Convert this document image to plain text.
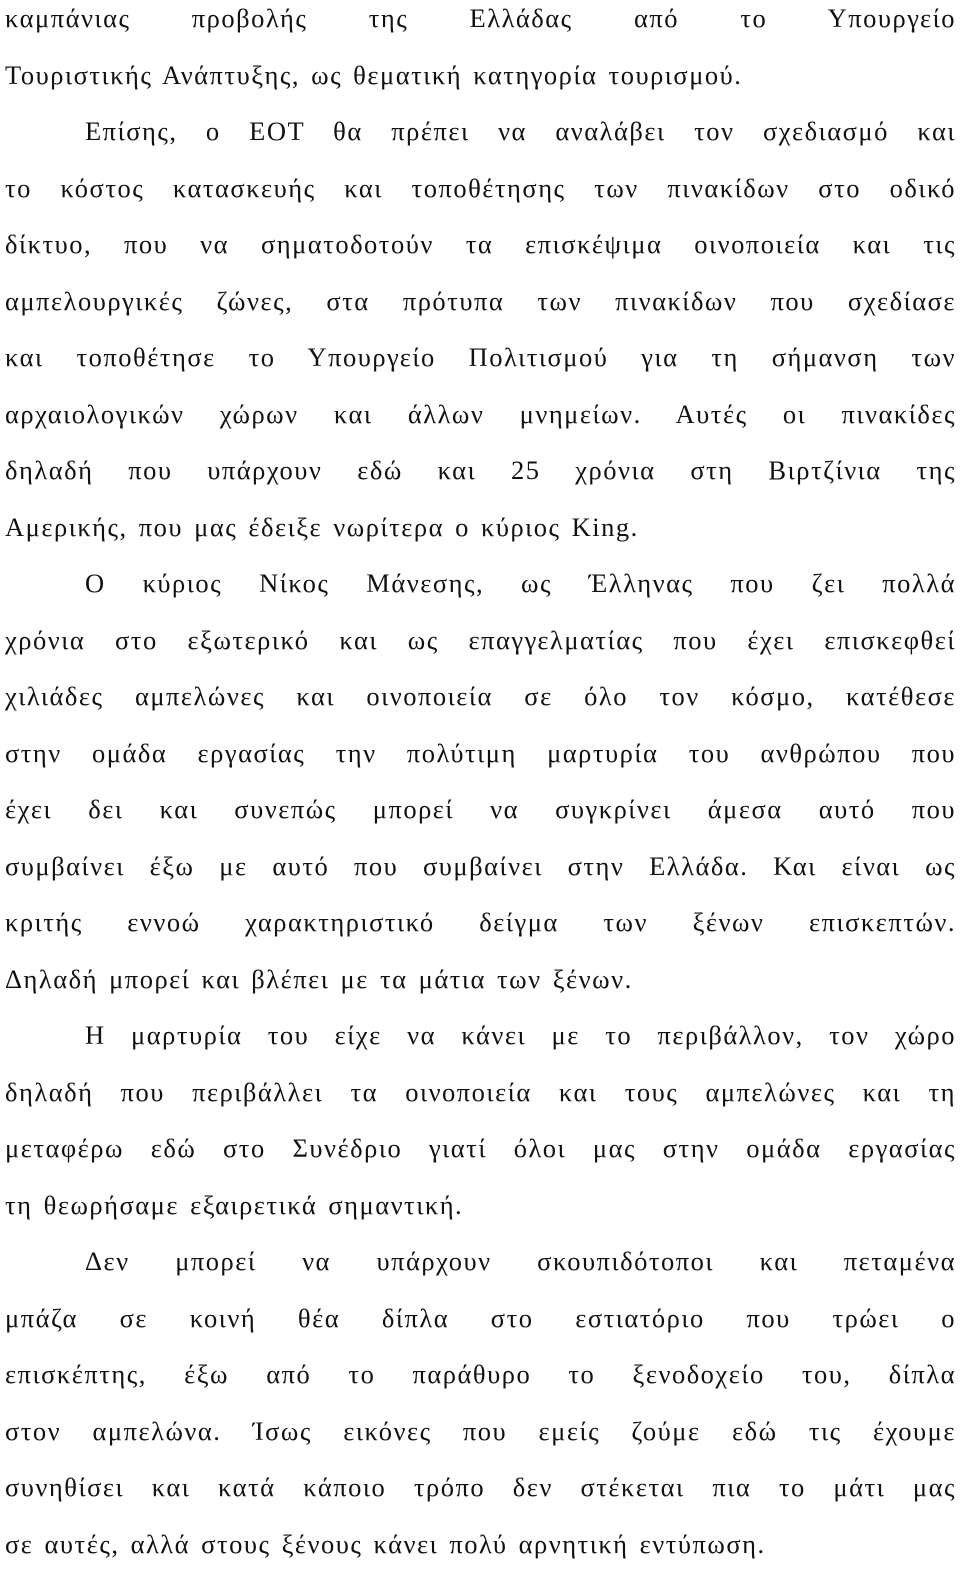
καμπάνιας προβολής της Ελλάδας από το Υπουργείο
Τουριστικής Ανάπτυξης, ως θεματική κατηγορία τουρισμού.
Επίσης, ο ΕΟΤ θα πρέπει να αναλάβει τον σχεδιασμό και
το κόστος κατασκευής και τοποθέτησης των πινακίδων στο οδικό
δίκτυο, που να σηματοδοτούν τα επισκέψιμα οινοποιεία και τις
αμπελουργικές ζώνες, στα πρότυπα των πινακίδων που σχεδίασε
και τοποθέτησε το Υπουργείο Πολιτισμού για τη σήμανση των
αρχαιολογικών χώρων και άλλων μνημείων. Αυτές οι πινακίδες
δηλαδή που υπάρχουν εδώ και 25 χρόνια στη Βιρτζίνια της
Αμερικής, που μας έδειξε νωρίτερα ο κύριος King.
Ο κύριος Νίκος Μάνεσης, ως Έλληνας που ζει πολλά
χρόνια στο εξωτερικό και ως επαγγελματίας που έχει επισκεφθεί
χιλιάδες αμπελώνες και οινοποιεία σε όλο τον κόσμο, κατέθεσε
στην ομάδα εργασίας την πολύτιμη μαρτυρία του ανθρώπου που
έχει δει και συνεπώς μπορεί να συγκρίνει άμεσα αυτό που
συμβαίνει έξω με αυτό που συμβαίνει στην Ελλάδα. Και είναι ως
κριτής εννοώ χαρακτηριστικό δείγμα των ξένων επισκεπτών.
Δηλαδή μπορεί και βλέπει με τα μάτια των ξένων.
Η μαρτυρία του είχε να κάνει με το περιβάλλον, τον χώρο
δηλαδή που περιβάλλει τα οινοποιεία και τους αμπελώνες και τη
μεταφέρω εδώ στο Συνέδριο γιατί όλοι μας στην ομάδα εργασίας
τη θεωρήσαμε εξαιρετικά σημαντική.
Δεν μπορεί να υπάρχουν σκουπιδότοποι και πεταμένα
μπάζα σε κοινή θέα δίπλα στο εστιατόριο που τρώει ο
επισκέπτης, έξω από το παράθυρο το ξενοδοχείο του, δίπλα
στον αμπελώνα. Ίσως εικόνες που εμείς ζούμε εδώ τις έχουμε
συνηθίσει και κατά κάποιο τρόπο δεν στέκεται πια το μάτι μας
σε αυτές, αλλά στους ξένους κάνει πολύ αρνητική εντύπωση.
